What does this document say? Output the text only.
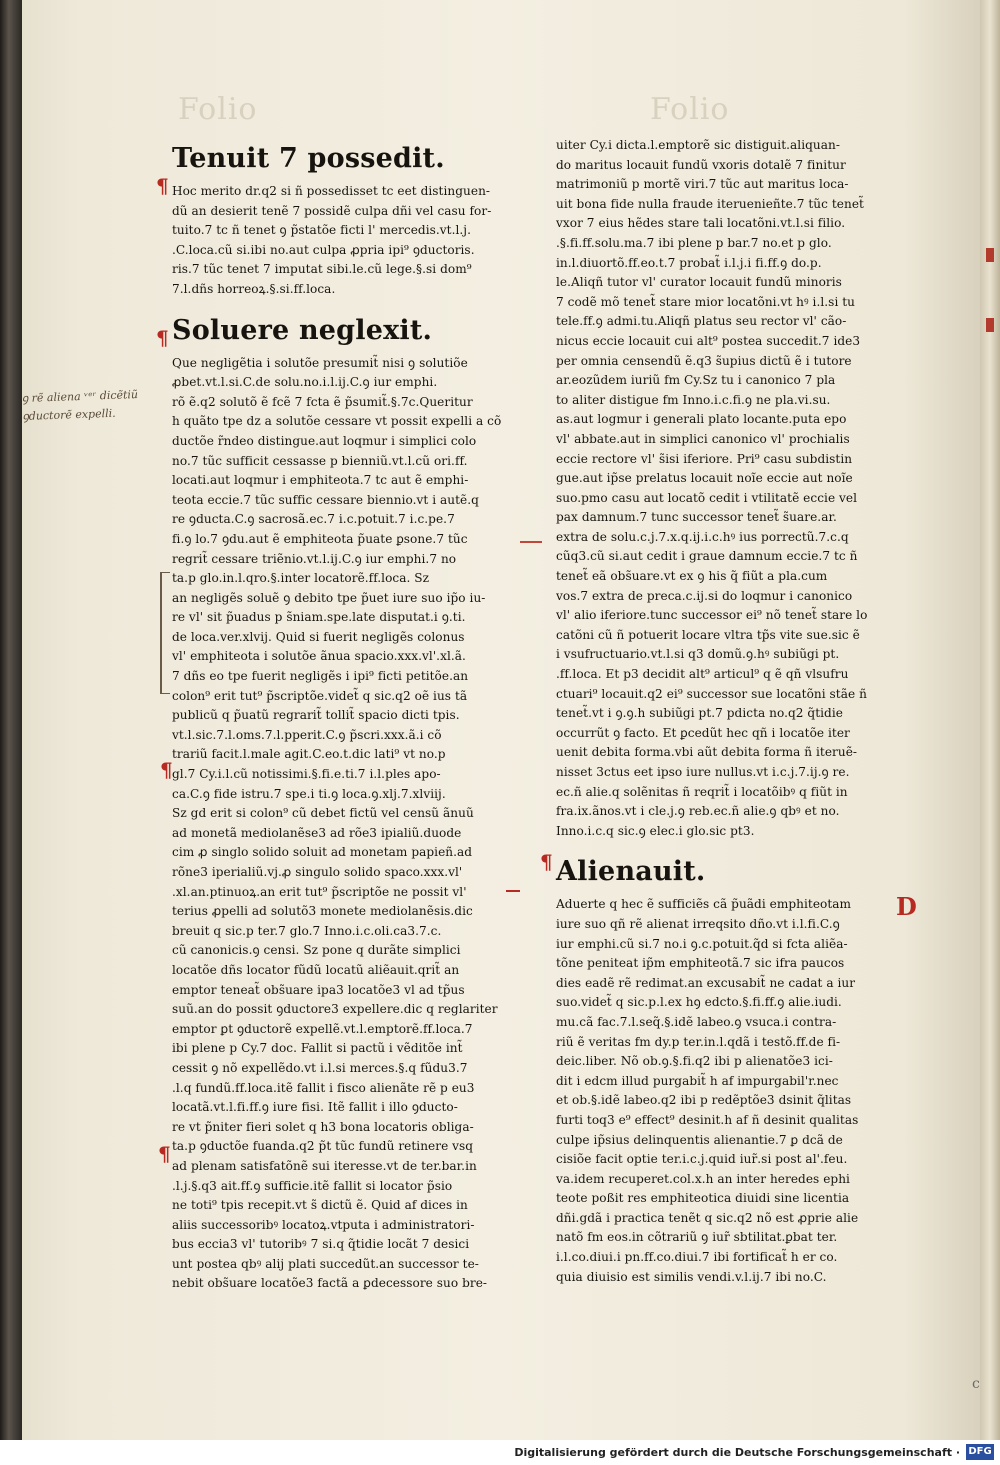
Folio	Folio
ꝯ rẽ aliena ᵛᵉʳ dicẽtiũ
ꝯductorẽ expelli.
¶
¶
¶
¶
¶
D
Tenuit 7 possedit.
Hoc merito dr.q2 si ñ possedisset tc eet distinguen-
dũ an desierit tenẽ 7 possidẽ culpa dñi vel casu for-
tuito.7 tc ñ tenet ꝯ p̃statõe ficti l' mercedis.vt.l.j.
.C.loca.cũ si.ibi no.aut culpa ꝓpria ipi⁹ ꝯductoris.
ris.7 tũc tenet 7 imputat sibi.le.cũ lege.§.si dom⁹
7.l.dñs horreoꝝ.§.si.ff.loca.
Soluere neglexit.
Que negligẽtia i solutõe presumit̃ nisi ꝯ solutiõe
ꝓbet.vt.l.si.C.de solu.no.i.l.ij.C.ꝯ iur emphi.
rõ ẽ.q2 solutõ ẽ fcẽ 7 fcta ẽ p̃sumit̃.§.7c.Queritur
h quãto tpe dz a solutõe cessare vt possit expelli a cõ
ductõe r̃ndeo distingue.aut loqmur i simplici colo
no.7 tũc sufficit cessasse p bienniũ.vt.l.cũ ori.ff.
locati.aut loqmur i emphiteota.7 tc aut ẽ emphi-
teota eccie.7 tũc suffic cessare biennio.vt i autẽ.q
re ꝯducta.C.ꝯ sacrosã.ec.7 i.c.potuit.7 i.c.pe.7
fi.ꝯ lo.7 ꝯdu.aut ẽ emphiteota p̃uate ꝑsone.7 tũc
regrit̃ cessare triẽnio.vt.l.ij.C.ꝯ iur emphi.7 no
ta.p glo.in.l.qro.§.inter locatorẽ.ff.loca. Sz
an negligẽs soluẽ ꝯ debito tpe p̃uet iure suo ip̃o iu-
re vl' sit p̃uadus p s̃niam.spe.late disputat.i ꝯ.ti.
de loca.ver.xlvij. Quid si fuerit negligẽs colonus
vl' emphiteota i solutõe ãnua spacio.xxx.vl'.xl.ã.
7 dñs eo tpe fuerit negligẽs i ipi⁹ ficti petitõe.an
colon⁹ erit tut⁹ p̃scriptõe.videt̃ q sic.q2 oẽ ius tã
publicũ q p̃uatũ regrarit̃ tollit̃ spacio dicti tpis.
vt.l.sic.7.l.oms.7.l.pperit.C.ꝯ p̃scri.xxx.ã.i cõ
trariũ facit.l.male agit.C.eo.t.dic lati⁹ vt no.p
gl.7 Cy.i.l.cũ notissimi.§.fi.e.ti.7 i.l.ples apo-
ca.C.ꝯ fide istru.7 spe.i ti.ꝯ loca.ꝯ.xlj.7.xlviij.
Sz gd erit si colon⁹ cũ debet fictũ vel censũ ãnuũ
ad monetã mediolanẽse3 ad rõe3 ipialiũ.duode
cim ꝓ singlo solido soluit ad monetam papieñ.ad
rõne3 iperialiũ.vj.ꝓ singulo solido spaco.xxx.vl'
.xl.an.ptinuoꝝ.an erit tut⁹ p̃scriptõe ne possit vl'
terius ꝓpelli ad solutõ3 monete mediolanẽsis.dic
breuit q sic.p ter.7 glo.7 Inno.i.c.oli.ca3.7.c.
cũ canonicis.ꝯ censi. Sz pone q durãte simplici
locatõe dñs locator fũdũ locatũ aliẽauit.qrit̃ an
emptor teneat̃ obs̃uare ipa3 locatõe3 vl ad tp̃us
suũ.an do possit ꝯductore3 expellere.dic q reglariter
emptor ꝑt ꝯductorẽ expellẽ.vt.l.emptorẽ.ff.loca.7
ibi plene p Cy.7 doc. Fallit si pactũ i vẽditõe int̃
cessit ꝯ nõ expellẽdo.vt i.l.si merces.§.q fũdu3.7
.l.q fundũ.ff.loca.itẽ fallit i fisco alienãte rẽ p eu3
locatã.vt.l.fi.ff.ꝯ iure fisi. Itẽ fallit i illo ꝯducto-
re vt p̃niter fieri solet q h3 bona locatoris obliga-
ta.p ꝯductõe fuanda.q2 p̃t tũc fundũ retinere vsq
ad plenam satisfatõnẽ sui iteresse.vt de ter.bar.in
.l.j.§.q3 ait.ff.ꝯ sufficie.itẽ fallit si locator p̃sio
ne toti⁹ tpis recepit.vt s̃ dictũ ẽ. Quid af dices in
aliis successoribꝰ locatoꝝ.vtputa i administratori-
bus eccia3 vl' tutoribꝰ 7 si.q q̃tidie locãt 7 desici
unt postea qbꝰ alij plati succedũt.an successor te-
nebit obs̃uare locatõe3 factã a ꝑdecessore suo bre-
uiter Cy.i dicta.l.emptorẽ sic distiguit.aliquan-
do maritus locauit fundũ vxoris dotalẽ 7 finitur
matrimoniũ p mortẽ viri.7 tũc aut maritus loca-
uit bona fide nulla fraude iteruenieñte.7 tũc tenet̃
vxor 7 eius hẽdes stare tali locatõni.vt.l.si filio.
.§.fi.ff.solu.ma.7 ibi plene p bar.7 no.et p glo.
in.l.diuortõ.ff.eo.t.7 probat̃ i.l.j.i fi.ff.ꝯ do.p.
le.Aliqñ tutor vl' curator locauit fundũ minoris
7 codẽ mõ tenet̃ stare mior locatõni.vt hꝰ i.l.si tu
tele.ff.ꝯ admi.tu.Aliqñ platus seu rector vl' cão-
nicus eccie locauit cui alt⁹ postea succedit.7 ide3
per omnia censendũ ẽ.q3 s̃upius dictũ ẽ i tutore
ar.eozũdem iuriũ fm Cy.Sz tu i canonico 7 pla
to aliter distigue fm Inno.i.c.fi.ꝯ ne pla.vi.su.
as.aut logmur i generali plato locante.puta epo
vl' abbate.aut in simplici canonico vl' prochialis
eccie rectore vl' s̃isi iferiore. Pri⁹ casu subdistin
gue.aut ip̃se prelatus locauit noĩe eccie aut noĩe
suo.pmo casu aut locatõ cedit i vtilitatẽ eccie vel
pax damnum.7 tunc successor tenet̃ s̃uare.ar.
extra de solu.c.j.7.x.q.ij.i.c.hꝰ ius porrectũ.7.c.q
cũq3.cũ si.aut cedit i graue damnum eccie.7 tc ñ
tenet̃ eã obs̃uare.vt ex ꝯ his q̃ fiũt a pla.cum
vos.7 extra de preca.c.ij.si do loqmur i canonico
vl' alio iferiore.tunc successor ei⁹ nõ tenet̃ stare lo
catõni cũ ñ potuerit locare vltra tp̃s vite sue.sic ẽ
i vsufructuario.vt.l.si q3 domũ.ꝯ.hꝰ subiũgi pt.
.ff.loca. Et p3 decidit alt⁹ articul⁹ q ẽ qñ vlsufru
ctuari⁹ locauit.q2 ei⁹ successor sue locatõni stãe ñ
tenet̃.vt i ꝯ.ꝯ.h subiũgi pt.7 pdicta no.q2 q̃tidie
occurrũt ꝯ facto. Et ꝑcedũt hec qñ i locatõe iter
uenit debita forma.vbi aũt debita forma ñ iteruẽ-
nisset 3ctus eet ipso iure nullus.vt i.c.j.7.ij.ꝯ re.
ec.ñ alie.q solẽnitas ñ reqrit̃ i locatõibꝰ q fiũt in
fra.ix.ãnos.vt i cle.j.ꝯ reb.ec.ñ alie.ꝯ qbꝰ et no.
Inno.i.c.q sic.ꝯ elec.i glo.sic pt3.
Alienauit.
Aduerte q hec ẽ sufficiẽs cã p̃uãdi emphiteotam
iure suo qñ rẽ alienat irreqsito dño.vt i.l.fi.C.ꝯ
iur emphi.cũ si.7 no.i ꝯ.c.potuit.q̃d si fcta aliẽa-
tõne peniteat ip̃m emphiteotã.7 sic ifra paucos
dies eadẽ rẽ redimat.an excusabit̃ ne cadat a iur
suo.videt̃ q sic.p.l.ex hꝯ edcto.§.fi.ff.ꝯ alie.iudi.
mu.cã fac.7.l.seq̃.§.idẽ labeo.ꝯ vsuca.i contra-
riũ ẽ veritas fm dy.p ter.in.l.qdã i testõ.ff.de fi-
deic.liber. Nõ ob.ꝯ.§.fi.q2 ibi p alienatõe3 ici-
dit i edcm illud purgabit̃ h af impurgabil'r.nec
et ob.§.idẽ labeo.q2 ibi p redẽptõe3 dsinit q̃litas
furti toq3 e⁹ effect⁹ desinit.h af ñ desinit qualitas
culpe ip̃sius delinquentis alienantie.7 ꝑ dcã de
cisiõe facit optie ter.i.c.j.quid iur̃.si post al'.feu.
va.idem recuperet.col.x.h an inter heredes ephi
teote poßit res emphiteotica diuidi sine licentia
dñi.gdã i practica tenẽt q sic.q2 nõ est ꝓprie alie
natõ fm eos.in cõtrariũ ꝯ iur̃ sbtilitat.ꝑbat ter.
i.l.co.diui.i pn.ff.co.diui.7 ibi fortificat̃ h er co.
quia diuisio est similis vendi.v.l.ij.7 ibi no.C.
c
Digitalisierung gefördert durch die Deutsche Forschungsgemeinschaft · DFG
